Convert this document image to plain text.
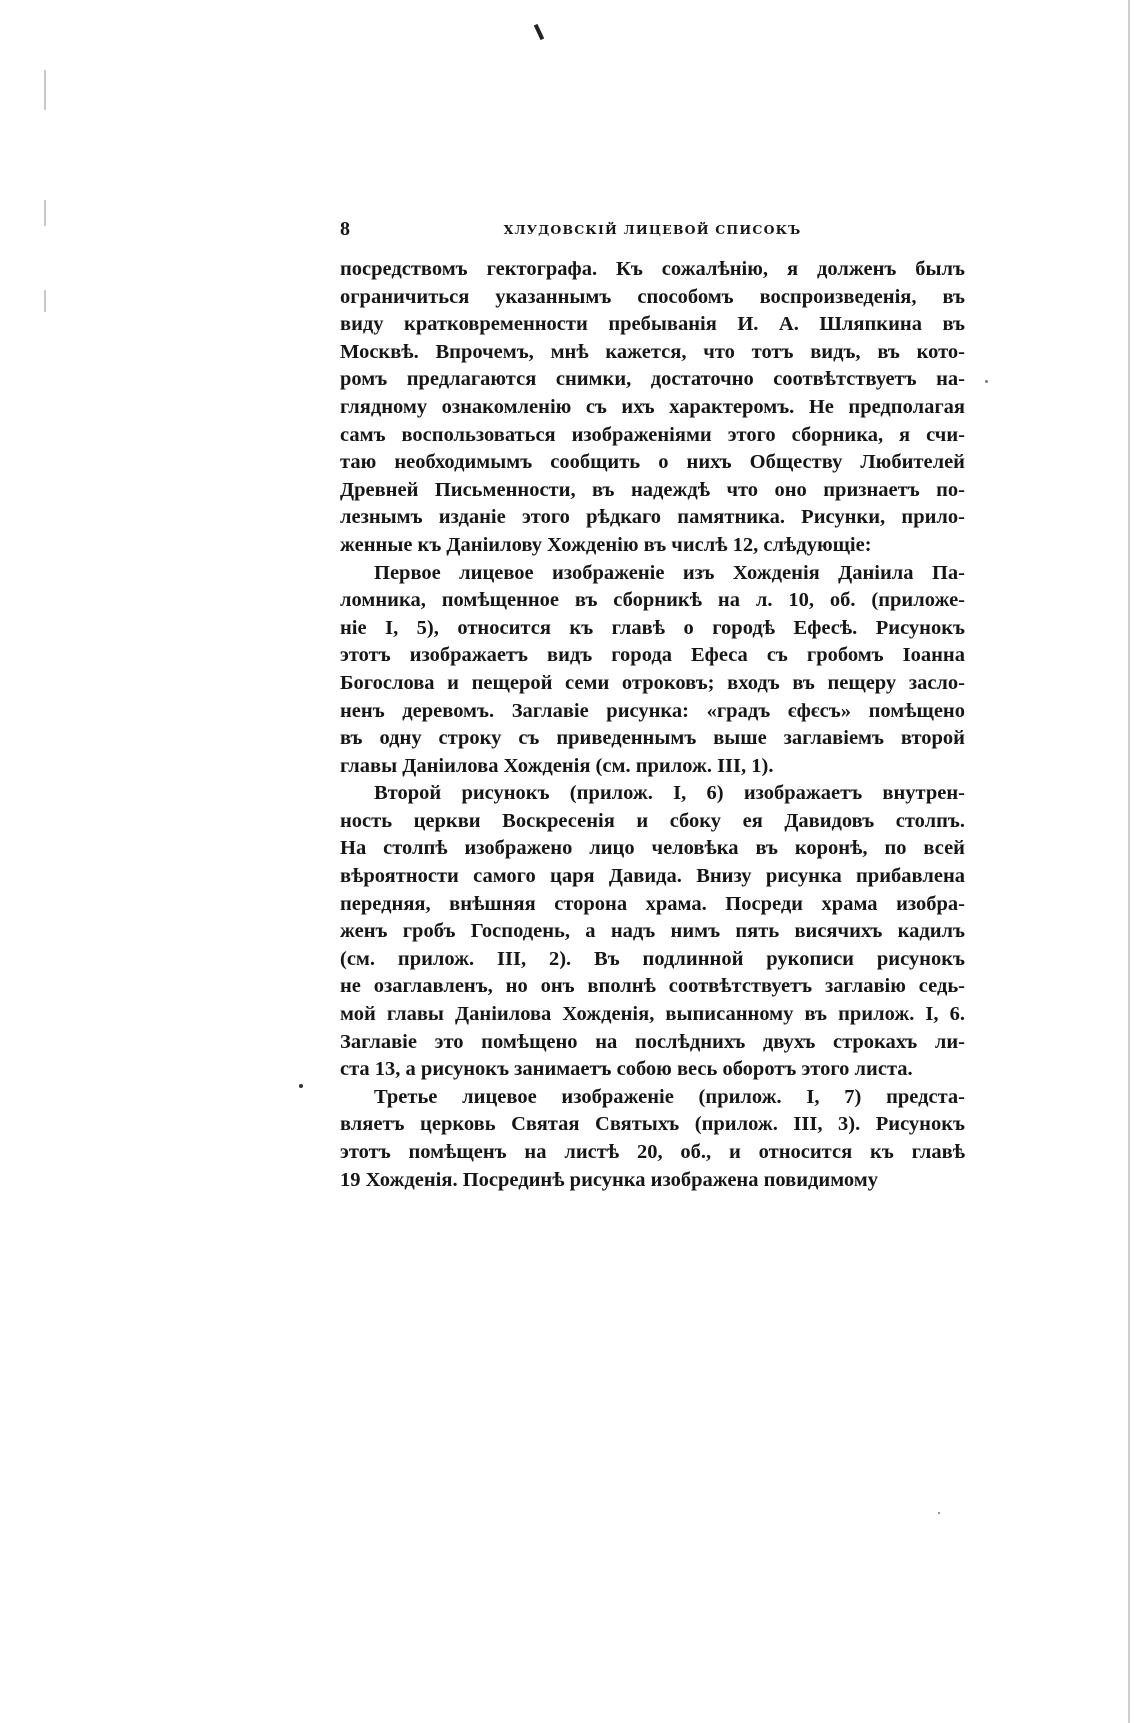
8	ХЛУДОВСКІЙ ЛИЦЕВОЙ СПИСОКЪ
посредствомъ гектографа. Къ сожалѣнію, я долженъ былъ
ограничиться указаннымъ способомъ воспроизведенія, въ
виду кратковременности пребыванія И. А. Шляпкина въ
Москвѣ. Впрочемъ, мнѣ кажется, что тотъ видъ, въ кото-
ромъ предлагаются снимки, достаточно соотвѣтствуетъ на-
глядному ознакомленію съ ихъ характеромъ. Не предполагая
самъ воспользоваться изображеніями этого сборника, я счи-
таю необходимымъ сообщить о нихъ Обществу Любителей
Древней Письменности, въ надеждѣ что оно признаетъ по-
лезнымъ изданіе этого рѣдкаго памятника. Рисунки, прило-
женные къ Даніилову Хожденію въ числѣ 12, слѣдующіе:
Первое лицевое изображеніе изъ Хожденія Даніила Па-
ломника, помѣщенное въ сборникѣ на л. 10, об. (приложе-
ніе I, 5), относится къ главѣ о городѣ Ефесѣ. Рисунокъ
этотъ изображаетъ видъ города Ефеса съ гробомъ Іоанна
Богослова и пещерой семи отроковъ; входъ въ пещеру засло-
ненъ деревомъ. Заглавіе рисунка: «градъ єфєсъ» помѣщено
въ одну строку съ приведеннымъ выше заглавіемъ второй
главы Даніилова Хожденія (см. прилож. III, 1).
Второй рисунокъ (прилож. I, 6) изображаетъ внутрен-
ность церкви Воскресенія и сбоку ея Давидовъ столпъ.
На столпѣ изображено лицо человѣка въ коронѣ, по всей
вѣроятности самого царя Давида. Внизу рисунка прибавлена
передняя, внѣшняя сторона храма. Посреди храма изобра-
женъ гробъ Господень, а надъ нимъ пять висячихъ кадилъ
(см. прилож. III, 2). Въ подлинной рукописи рисунокъ
не озаглавленъ, но онъ вполнѣ соотвѣтствуетъ заглавію седь-
мой главы Даніилова Хожденія, выписанному въ прилож. I, 6.
Заглавіе это помѣщено на послѣднихъ двухъ строкахъ ли-
ста 13, а рисунокъ занимаетъ собою весь оборотъ этого листа.
Третье лицевое изображеніе (прилож. I, 7) предста-
вляетъ церковь Святая Святыхъ (прилож. III, 3). Рисунокъ
этотъ помѣщенъ на листѣ 20, об., и относится къ главѣ
19 Хожденія. Посрединѣ рисунка изображена повидимому
